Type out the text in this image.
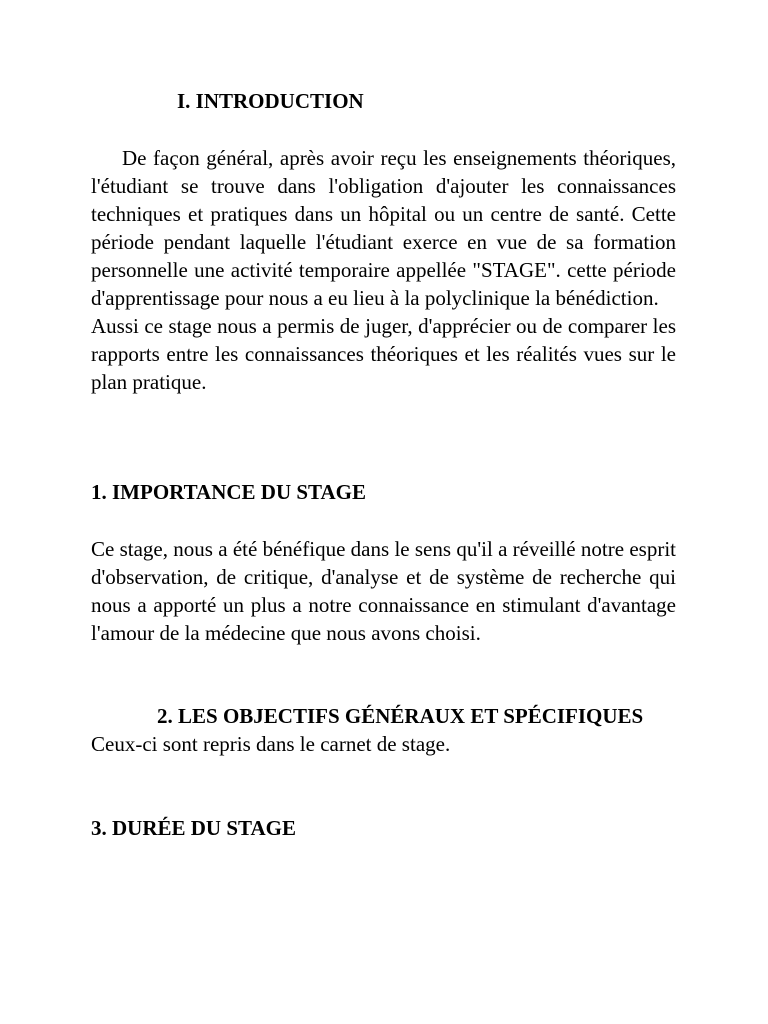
I. INTRODUCTION

De façon général, après avoir reçu les enseignements théoriques, l'étudiant se trouve dans l'obligation d'ajouter les connaissances techniques et pratiques dans un hôpital ou un centre de santé. Cette période pendant laquelle l'étudiant exerce en vue de sa formation personnelle une activité temporaire appellée "STAGE". cette période d'apprentissage pour nous a eu lieu à la polyclinique la bénédiction.

Aussi ce stage nous a permis de juger, d'apprécier ou de comparer les rapports entre les connaissances théoriques et les réalités vues sur le plan pratique.

1. IMPORTANCE DU STAGE

Ce stage, nous a été bénéfique dans le sens qu'il a réveillé notre esprit d'observation, de critique, d'analyse et de système de recherche qui nous a apporté un plus a notre connaissance en stimulant d'avantage l'amour de la médecine que nous avons choisi.

2. LES OBJECTIFS GÉNÉRAUX ET SPÉCIFIQUES

Ceux-ci sont repris dans le carnet de stage.

3. DURÉE DU STAGE
